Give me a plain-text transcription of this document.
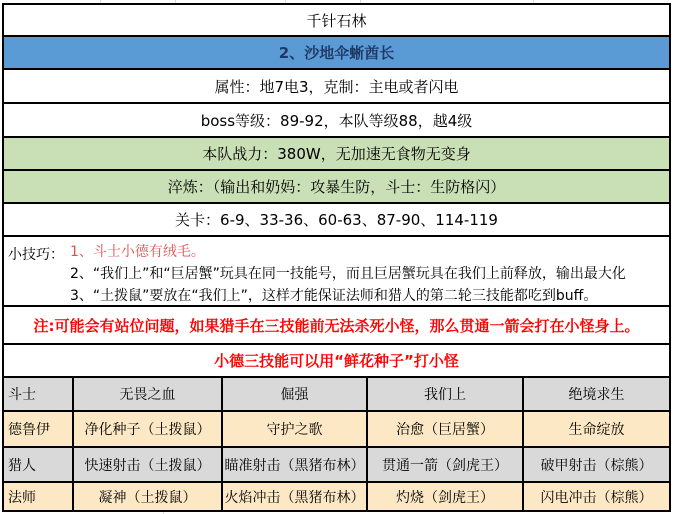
千针石林
2、沙地伞蜥酋长
属性：地7电3，克制：主电或者闪电
boss等级：89-92，本队等级88，越4级
本队战力：380W，无加速无食物无变身
淬炼：（输出和奶妈：攻暴生防，斗士：生防格闪）
关卡：6-9、33-36、60-63、87-90、114-119
小技巧： 1、斗士小德有绒毛。
2、“我们上”和“巨居蟹”玩具在同一技能号，而且巨居蟹玩具在我们上前释放，输出最大化
3、“土拨鼠”要放在“我们上”，这样才能保证法师和猎人的第二轮三技能都吃到buff。
注:可能会有站位问题，如果猎手在三技能前无法杀死小怪，那么贯通一箭会打在小怪身上。
小德三技能可以用“鲜花种子”打小怪
斗士	无畏之血	倔强	我们上	绝境求生
德鲁伊	净化种子（土拨鼠）	守护之歌	治愈（巨居蟹）	生命绽放
猎人	快速射击（土拨鼠）	瞄准射击（黑猪布林）	贯通一箭（剑虎王）	破甲射击（棕熊）
法师	凝神（土拨鼠）	火焰冲击（黑猪布林）	灼烧（剑虎王）	闪电冲击（棕熊）
